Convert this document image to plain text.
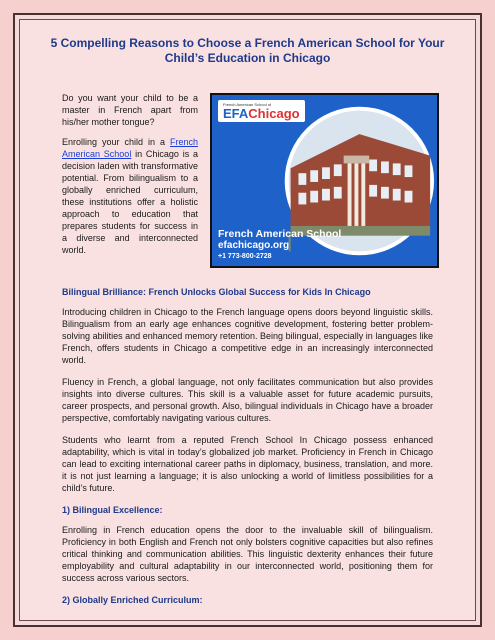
5 Compelling Reasons to Choose a French American School for Your Child’s Education in Chicago

Do you want your child to be a master in French apart from his/her mother tongue?

Enrolling your child in a French American School in Chicago is a decision laden with transformative potential. From bilingualism to a globally enriched curriculum, these institutions offer a holistic approach to education that prepares students for success in a diverse and interconnected world.

French American School of
EFAChicago
French American School
efachicago.org
+1 773-800-2728
Bilingual Brilliance: French Unlocks Global Success for Kids In Chicago

Introducing children in Chicago to the French language opens doors beyond linguistic skills. Bilingualism from an early age enhances cognitive development, fostering better problem-solving abilities and enhanced memory retention. Being bilingual, especially in languages like French, offers students in Chicago a competitive edge in an increasingly interconnected world.

Fluency in French, a global language, not only facilitates communication but also provides insights into diverse cultures. This skill is a valuable asset for future academic pursuits, career prospects, and personal growth. Also, bilingual individuals in Chicago have a broader perspective, comfortably navigating various cultures.

Students who learnt from a reputed French School In Chicago possess enhanced adaptability, which is vital in today’s globalized job market. Proficiency in French in Chicago can lead to exciting international career paths in diplomacy, business, translation, and more. it is not just learning a language; it is also unlocking a world of limitless possibilities for a child’s future.

1) Bilingual Excellence:

Enrolling in French education opens the door to the invaluable skill of bilingualism. Proficiency in both English and French not only bolsters cognitive capacities but also refines critical thinking and communication abilities. This linguistic dexterity enhances their future employability and cultural adaptability in our interconnected world, positioning them for success across various sectors.

2) Globally Enriched Curriculum:
